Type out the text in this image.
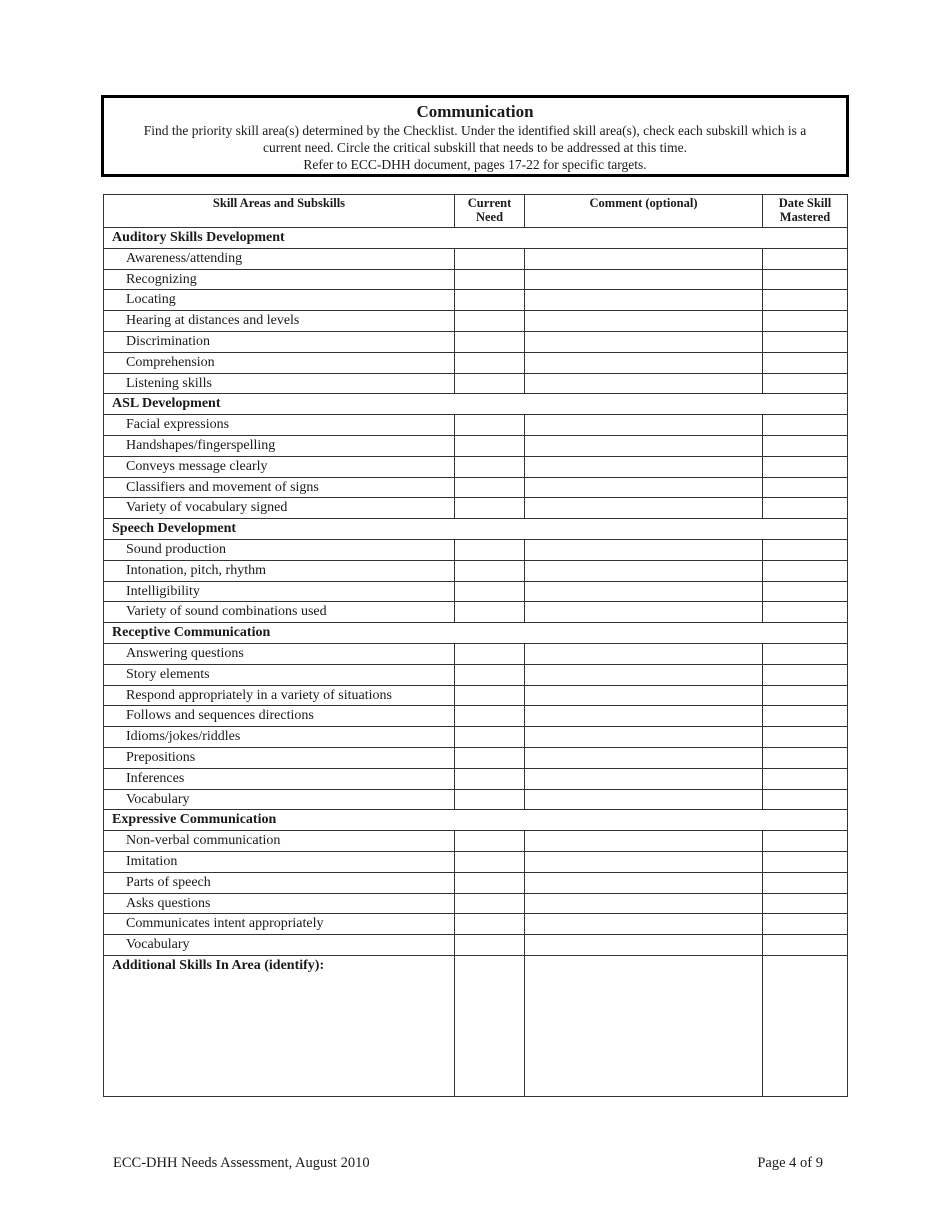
Communication
Find the priority skill area(s) determined by the Checklist. Under the identified skill area(s), check each subskill which is a
current need. Circle the critical subskill that needs to be addressed at this time.
Refer to ECC-DHH document, pages 17-22 for specific targets.
Skill Areas and Subskills	Current Need	Comment (optional)	Date Skill Mastered
Auditory Skills Development			
Awareness/attending			
Recognizing			
Locating			
Hearing at distances and levels			
Discrimination			
Comprehension			
Listening skills			
ASL Development			
Facial expressions			
Handshapes/fingerspelling			
Conveys message clearly			
Classifiers and movement of signs			
Variety of vocabulary signed			
Speech Development			
Sound production			
Intonation, pitch, rhythm			
Intelligibility			
Variety of sound combinations used			
Receptive Communication			
Answering questions			
Story elements			
Respond appropriately in a variety of situations			
Follows and sequences directions			
Idioms/jokes/riddles			
Prepositions			
Inferences			
Vocabulary			
Expressive Communication			
Non-verbal communication			
Imitation			
Parts of speech			
Asks questions			
Communicates intent appropriately			
Vocabulary			
Additional Skills In Area (identify):			
ECC-DHH Needs Assessment, August 2010	Page 4 of 9
